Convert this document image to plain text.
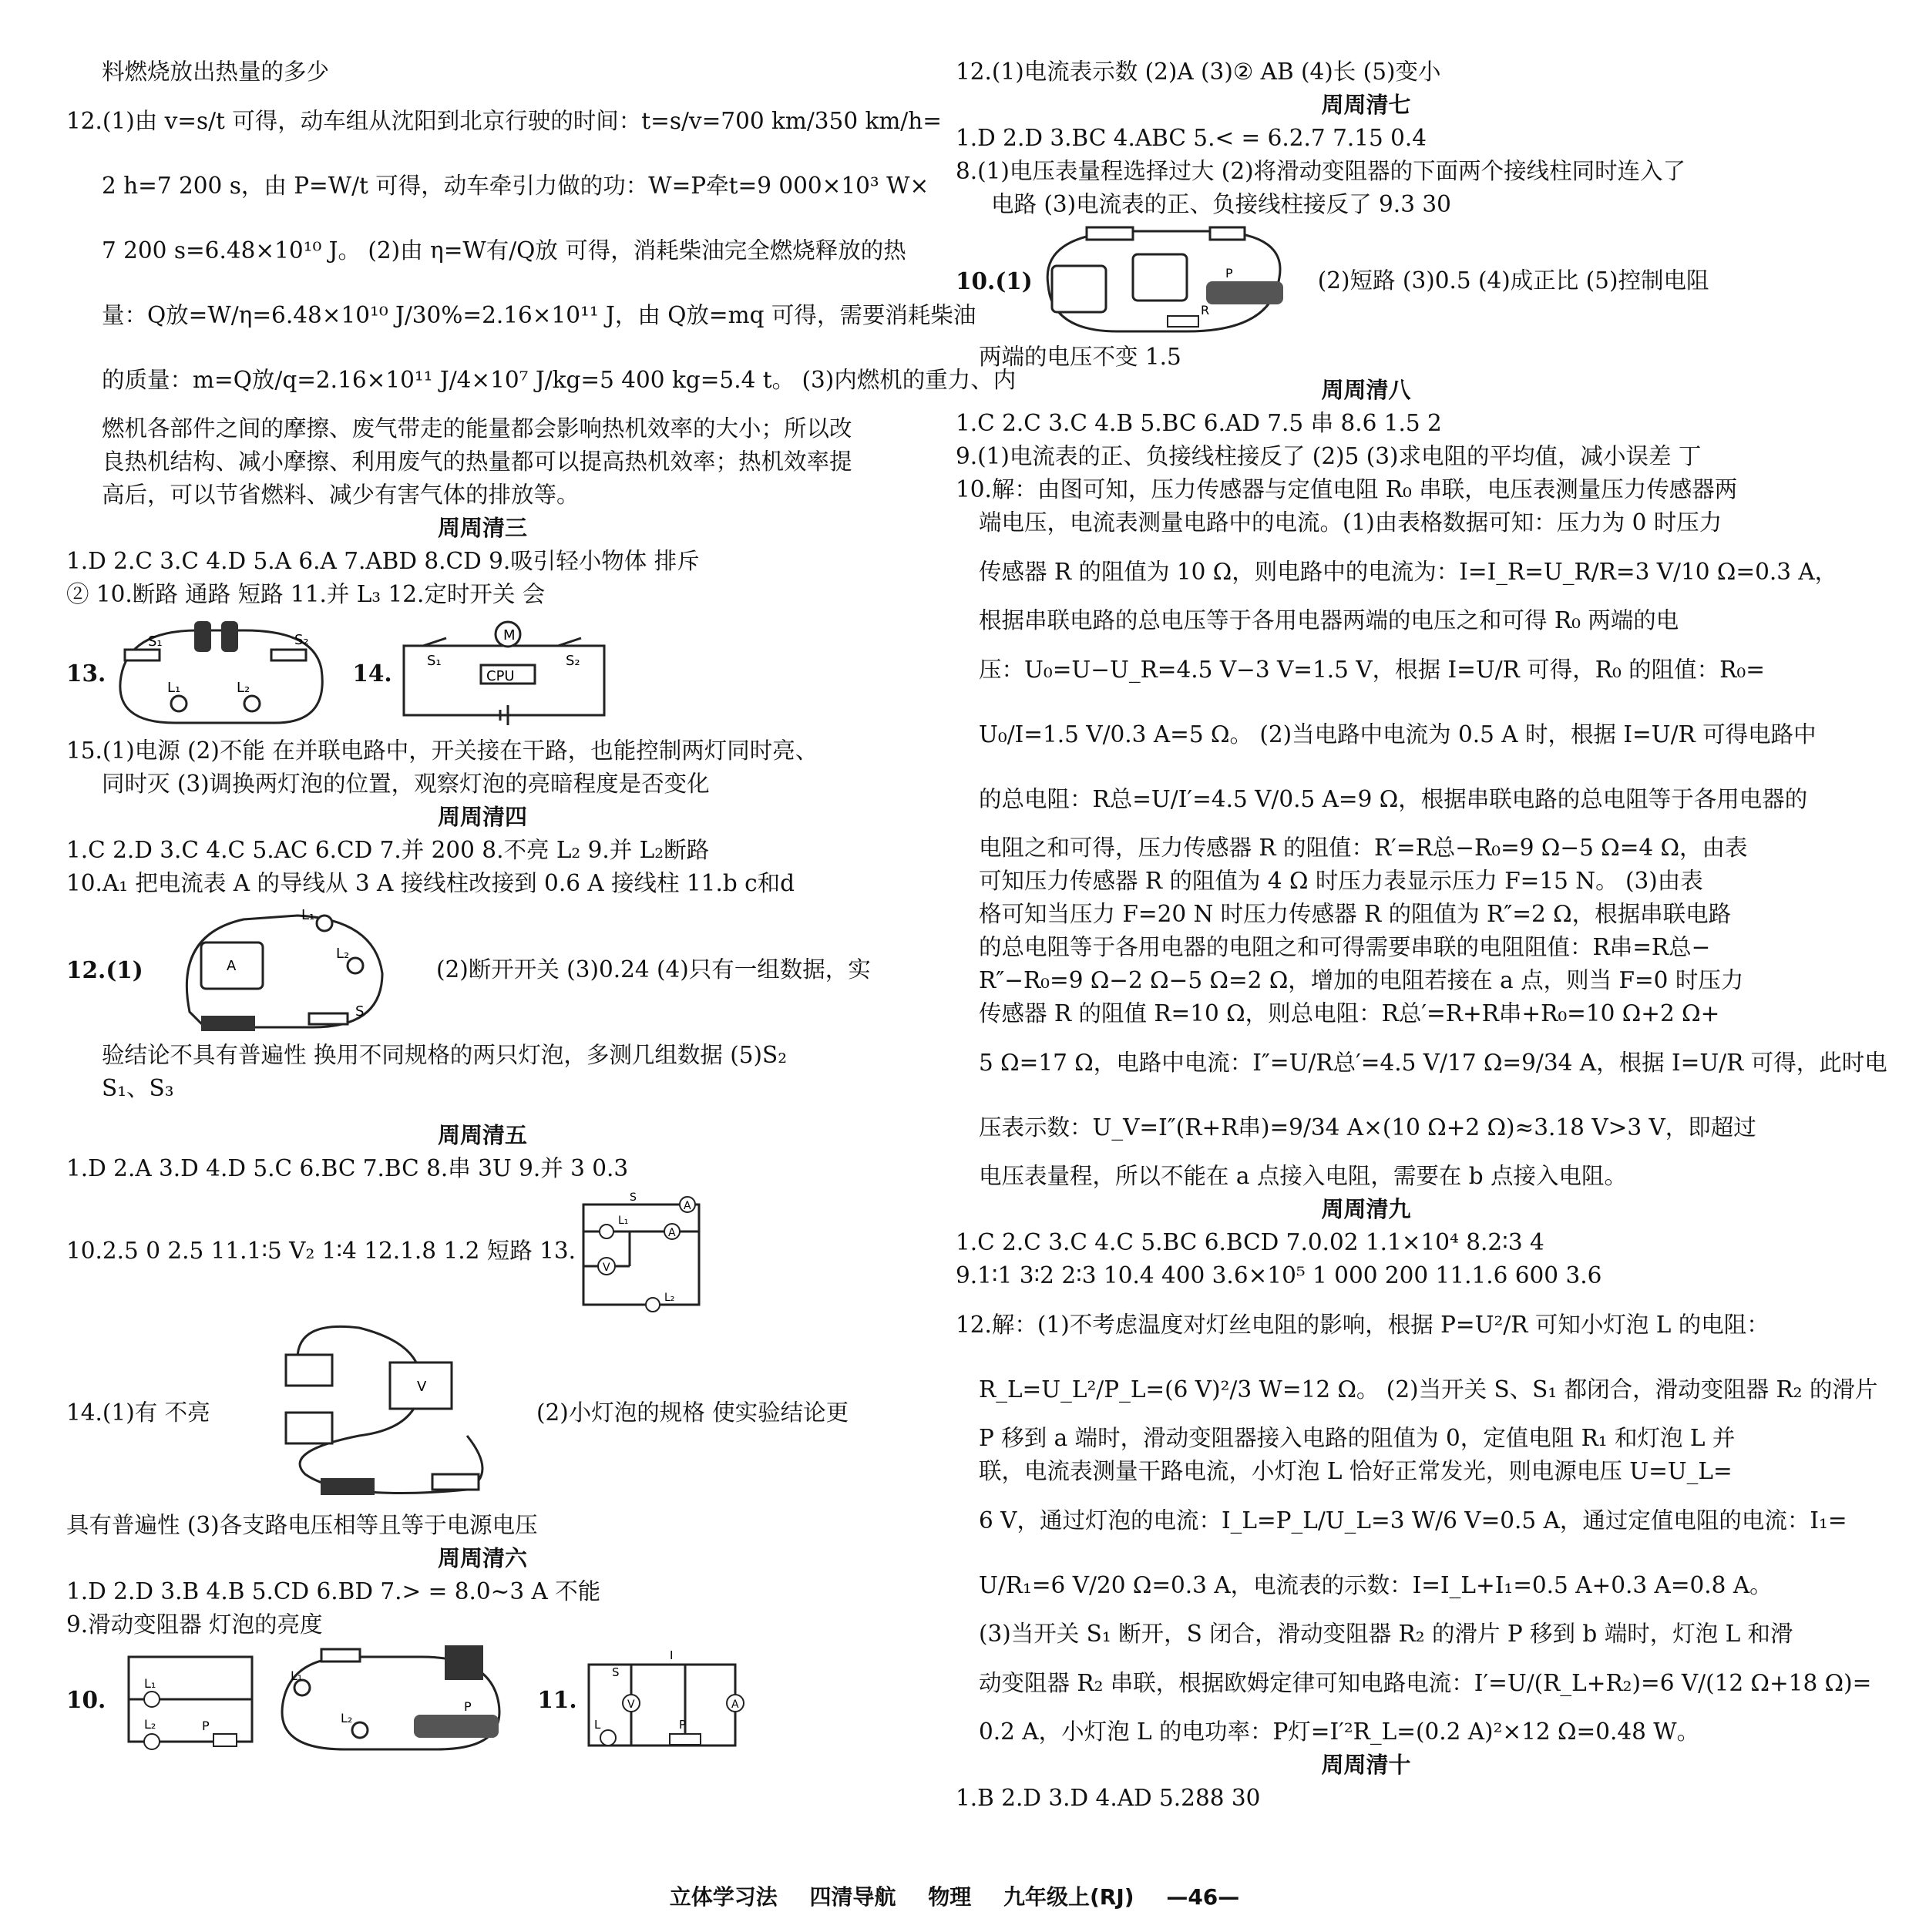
料燃烧放出热量的多少

12.(1)由 v=s/t 可得，动车组从沈阳到北京行驶的时间：t=s/v=700 km/350 km/h=

2 h=7 200 s，由 P=W/t 可得，动车牵引力做的功：W=P牵t=9 000×10³ W×

7 200 s=6.48×10¹⁰ J。 (2)由 η=W有/Q放 可得，消耗柴油完全燃烧释放的热

量：Q放=W/η=6.48×10¹⁰ J/30%=2.16×10¹¹ J，由 Q放=mq 可得，需要消耗柴油

的质量：m=Q放/q=2.16×10¹¹ J/4×10⁷ J/kg=5 400 kg=5.4 t。 (3)内燃机的重力、内

燃机各部件之间的摩擦、废气带走的能量都会影响热机效率的大小；所以改

良热机结构、减小摩擦、利用废气的热量都可以提高热机效率；热机效率提

高后，可以节省燃料、减少有害气体的排放等。

周周清三

1.D 2.C 3.C 4.D 5.A 6.A 7.ABD 8.CD 9.吸引轻小物体 排斥

② 10.断路 通路 短路 11.并 L₃ 12.定时开关 会

13.
S₁	S₂
L₁	L₂
14.
M
CPU
S₁	S₂

15.(1)电源 (2)不能 在并联电路中，开关接在干路，也能控制两灯同时亮、

同时灭 (3)调换两灯泡的位置，观察灯泡的亮暗程度是否变化

周周清四

1.C 2.D 3.C 4.C 5.AC 6.CD 7.并 200 8.不亮 L₂ 9.并 L₂断路

10.A₁ 把电流表 A 的导线从 3 A 接线柱改接到 0.6 A 接线柱 11.b c和d

12.(1)	A
L₁
L₂
S
(2)断开开关 (3)0.24 (4)只有一组数据，实

验结论不具有普遍性 换用不同规格的两只灯泡，多测几组数据 (5)S₂

S₁、S₃

周周清五

1.D 2.A 3.D 4.D 5.C 6.BC 7.BC 8.串 3U 9.并 3 0.3

10.2.5 0 2.5 11.1∶5 V₂ 1∶4 12.1.8 1.2 短路 13.
A
A
V
S
L₁
L₂
14.(1)有 不亮
V
(2)小灯泡的规格 使实验结论更

具有普遍性 (3)各支路电压相等且等于电源电压

周周清六

1.D 2.D 3.B 4.B 5.CD 6.BD 7.> = 8.0~3 A 不能

9.滑动变阻器 灯泡的亮度

10.
L₁
L₂	P
L₁
L₂
P	11.	V	A
S
I
L	P

12.(1)电流表示数 (2)A (3)② AB (4)长 (5)变小

周周清七

1.D 2.D 3.BC 4.ABC 5.< = 6.2.7 7.15 0.4

8.(1)电压表量程选择过大 (2)将滑动变阻器的下面两个接线柱同时连入了

电路 (3)电流表的正、负接线柱接反了 9.3 30

10.(1)	P
R
(2)短路 (3)0.5 (4)成正比 (5)控制电阻

两端的电压不变 1.5

周周清八

1.C 2.C 3.C 4.B 5.BC 6.AD 7.5 串 8.6 1.5 2

9.(1)电流表的正、负接线柱接反了 (2)5 (3)求电阻的平均值，减小误差 丁

10.解：由图可知，压力传感器与定值电阻 R₀ 串联，电压表测量压力传感器两

端电压，电流表测量电路中的电流。(1)由表格数据可知：压力为 0 时压力

传感器 R 的阻值为 10 Ω，则电路中的电流为：I=I_R=U_R/R=3 V/10 Ω=0.3 A，

根据串联电路的总电压等于各用电器两端的电压之和可得 R₀ 两端的电

压：U₀=U−U_R=4.5 V−3 V=1.5 V，根据 I=U/R 可得，R₀ 的阻值：R₀=

U₀/I=1.5 V/0.3 A=5 Ω。 (2)当电路中电流为 0.5 A 时，根据 I=U/R 可得电路中

的总电阻：R总=U/I′=4.5 V/0.5 A=9 Ω，根据串联电路的总电阻等于各用电器的

电阻之和可得，压力传感器 R 的阻值：R′=R总−R₀=9 Ω−5 Ω=4 Ω，由表

可知压力传感器 R 的阻值为 4 Ω 时压力表显示压力 F=15 N。 (3)由表

格可知当压力 F=20 N 时压力传感器 R 的阻值为 R″=2 Ω，根据串联电路

的总电阻等于各用电器的电阻之和可得需要串联的电阻阻值：R串=R总−

R″−R₀=9 Ω−2 Ω−5 Ω=2 Ω，增加的电阻若接在 a 点，则当 F=0 时压力

传感器 R 的阻值 R=10 Ω，则总电阻：R总′=R+R串+R₀=10 Ω+2 Ω+

5 Ω=17 Ω，电路中电流：I″=U/R总′=4.5 V/17 Ω=9/34 A，根据 I=U/R 可得，此时电

压表示数：U_V=I″(R+R串)=9/34 A×(10 Ω+2 Ω)≈3.18 V>3 V，即超过

电压表量程，所以不能在 a 点接入电阻，需要在 b 点接入电阻。

周周清九

1.C 2.C 3.C 4.C 5.BC 6.BCD 7.0.02 1.1×10⁴ 8.2∶3 4

9.1∶1 3∶2 2∶3 10.4 400 3.6×10⁵ 1 000 200 11.1.6 600 3.6

12.解：(1)不考虑温度对灯丝电阻的影响，根据 P=U²/R 可知小灯泡 L 的电阻：

R_L=U_L²/P_L=(6 V)²/3 W=12 Ω。 (2)当开关 S、S₁ 都闭合，滑动变阻器 R₂ 的滑片

P 移到 a 端时，滑动变阻器接入电路的阻值为 0，定值电阻 R₁ 和灯泡 L 并

联，电流表测量干路电流，小灯泡 L 恰好正常发光，则电源电压 U=U_L=

6 V，通过灯泡的电流：I_L=P_L/U_L=3 W/6 V=0.5 A，通过定值电阻的电流：I₁=

U/R₁=6 V/20 Ω=0.3 A，电流表的示数：I=I_L+I₁=0.5 A+0.3 A=0.8 A。

(3)当开关 S₁ 断开，S 闭合，滑动变阻器 R₂ 的滑片 P 移到 b 端时，灯泡 L 和滑

动变阻器 R₂ 串联，根据欧姆定律可知电路电流：I′=U/(R_L+R₂)=6 V/(12 Ω+18 Ω)=

0.2 A，小灯泡 L 的电功率：P灯=I′²R_L=(0.2 A)²×12 Ω=0.48 W。

周周清十

1.B 2.D 3.D 4.AD 5.288 30

立体学习法 四清导航 物理 九年级上(RJ) —46—
